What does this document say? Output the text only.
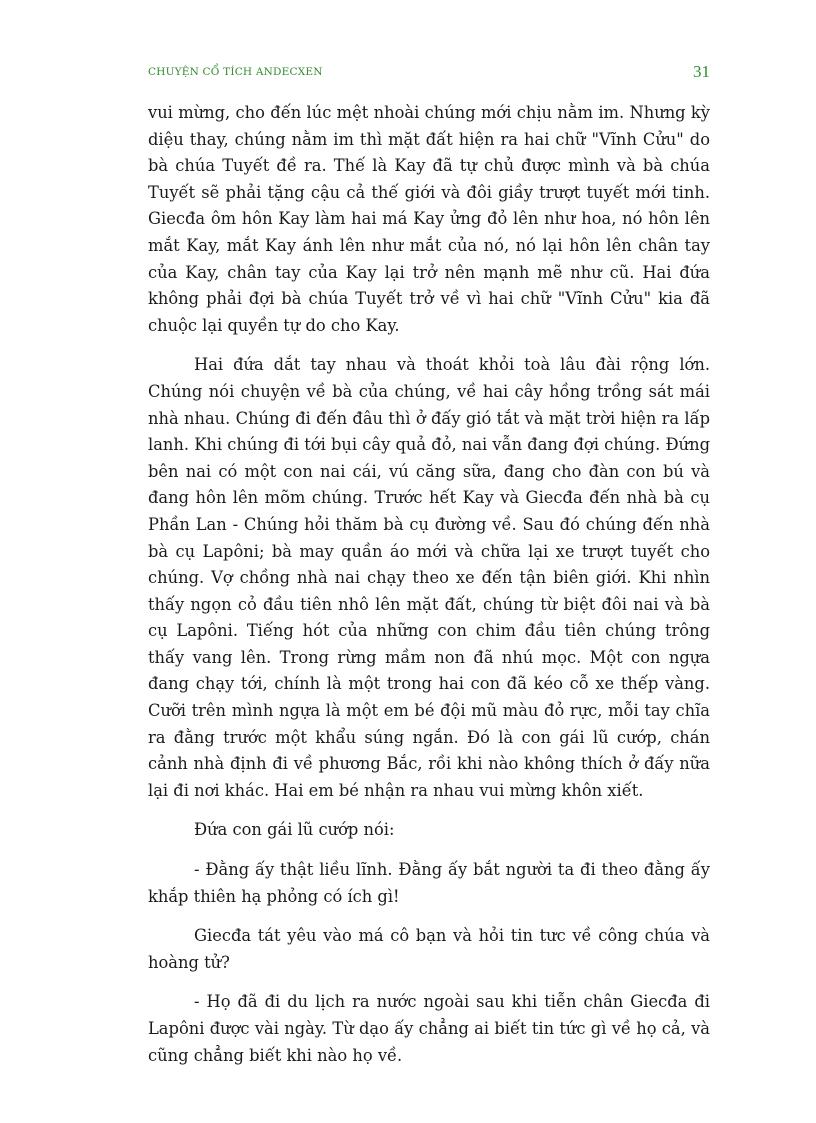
CHUYỆN CỔ TÍCH ANDECXEN	31

vui mừng, cho đến lúc mệt nhoài chúng mới chịu nằm im. Nhưng kỳ diệu thay, chúng nằm im thì mặt đất hiện ra hai chữ "Vĩnh Cửu" do bà chúa Tuyết đề ra. Thế là Kay đã tự chủ được mình và bà chúa Tuyết sẽ phải tặng cậu cả thế giới và đôi giầy trượt tuyết mới tinh. Giecđa ôm hôn Kay làm hai má Kay ửng đỏ lên như hoa, nó hôn lên mắt Kay, mắt Kay ánh lên như mắt của nó, nó lại hôn lên chân tay của Kay, chân tay của Kay lại trở nên mạnh mẽ như cũ. Hai đứa không phải đợi bà chúa Tuyết trở về vì hai chữ "Vĩnh Cửu" kia đã chuộc lại quyền tự do cho Kay.

Hai đứa dắt tay nhau và thoát khỏi toà lâu đài rộng lớn. Chúng nói chuyện về bà của chúng, về hai cây hồng trồng sát mái nhà nhau. Chúng đi đến đâu thì ở đấy gió tắt và mặt trời hiện ra lấp lanh. Khi chúng đi tới bụi cây quả đỏ, nai vẫn đang đợi chúng. Đứng bên nai có một con nai cái, vú căng sữa, đang cho đàn con bú và đang hôn lên mõm chúng. Trước hết Kay và Giecđa đến nhà bà cụ Phần Lan - Chúng hỏi thăm bà cụ đường về. Sau đó chúng đến nhà bà cụ Lapôni; bà may quần áo mới và chữa lại xe trượt tuyết cho chúng. Vợ chồng nhà nai chạy theo xe đến tận biên giới. Khi nhìn thấy ngọn cỏ đầu tiên nhô lên mặt đất, chúng từ biệt đôi nai và bà cụ Lapôni. Tiếng hót của những con chim đầu tiên chúng trông thấy vang lên. Trong rừng mầm non đã nhú mọc. Một con ngựa đang chạy tới, chính là một trong hai con đã kéo cỗ xe thếp vàng. Cưỡi trên mình ngựa là một em bé đội mũ màu đỏ rực, mỗi tay chĩa ra đằng trước một khẩu súng ngắn. Đó là con gái lũ cướp, chán cảnh nhà định đi về phương Bắc, rồi khi nào không thích ở đấy nữa lại đi nơi khác. Hai em bé nhận ra nhau vui mừng khôn xiết.

Đứa con gái lũ cướp nói:

- Đằng ấy thật liều lĩnh. Đằng ấy bắt người ta đi theo đằng ấy khắp thiên hạ phỏng có ích gì!

Giecđa tát yêu vào má cô bạn và hỏi tin tưc về công chúa và hoàng tử?

- Họ đã đi du lịch ra nước ngoài sau khi tiễn chân Giecđa đi Lapôni được vài ngày. Từ dạo ấy chẳng ai biết tin tức gì về họ cả, và cũng chẳng biết khi nào họ về.
